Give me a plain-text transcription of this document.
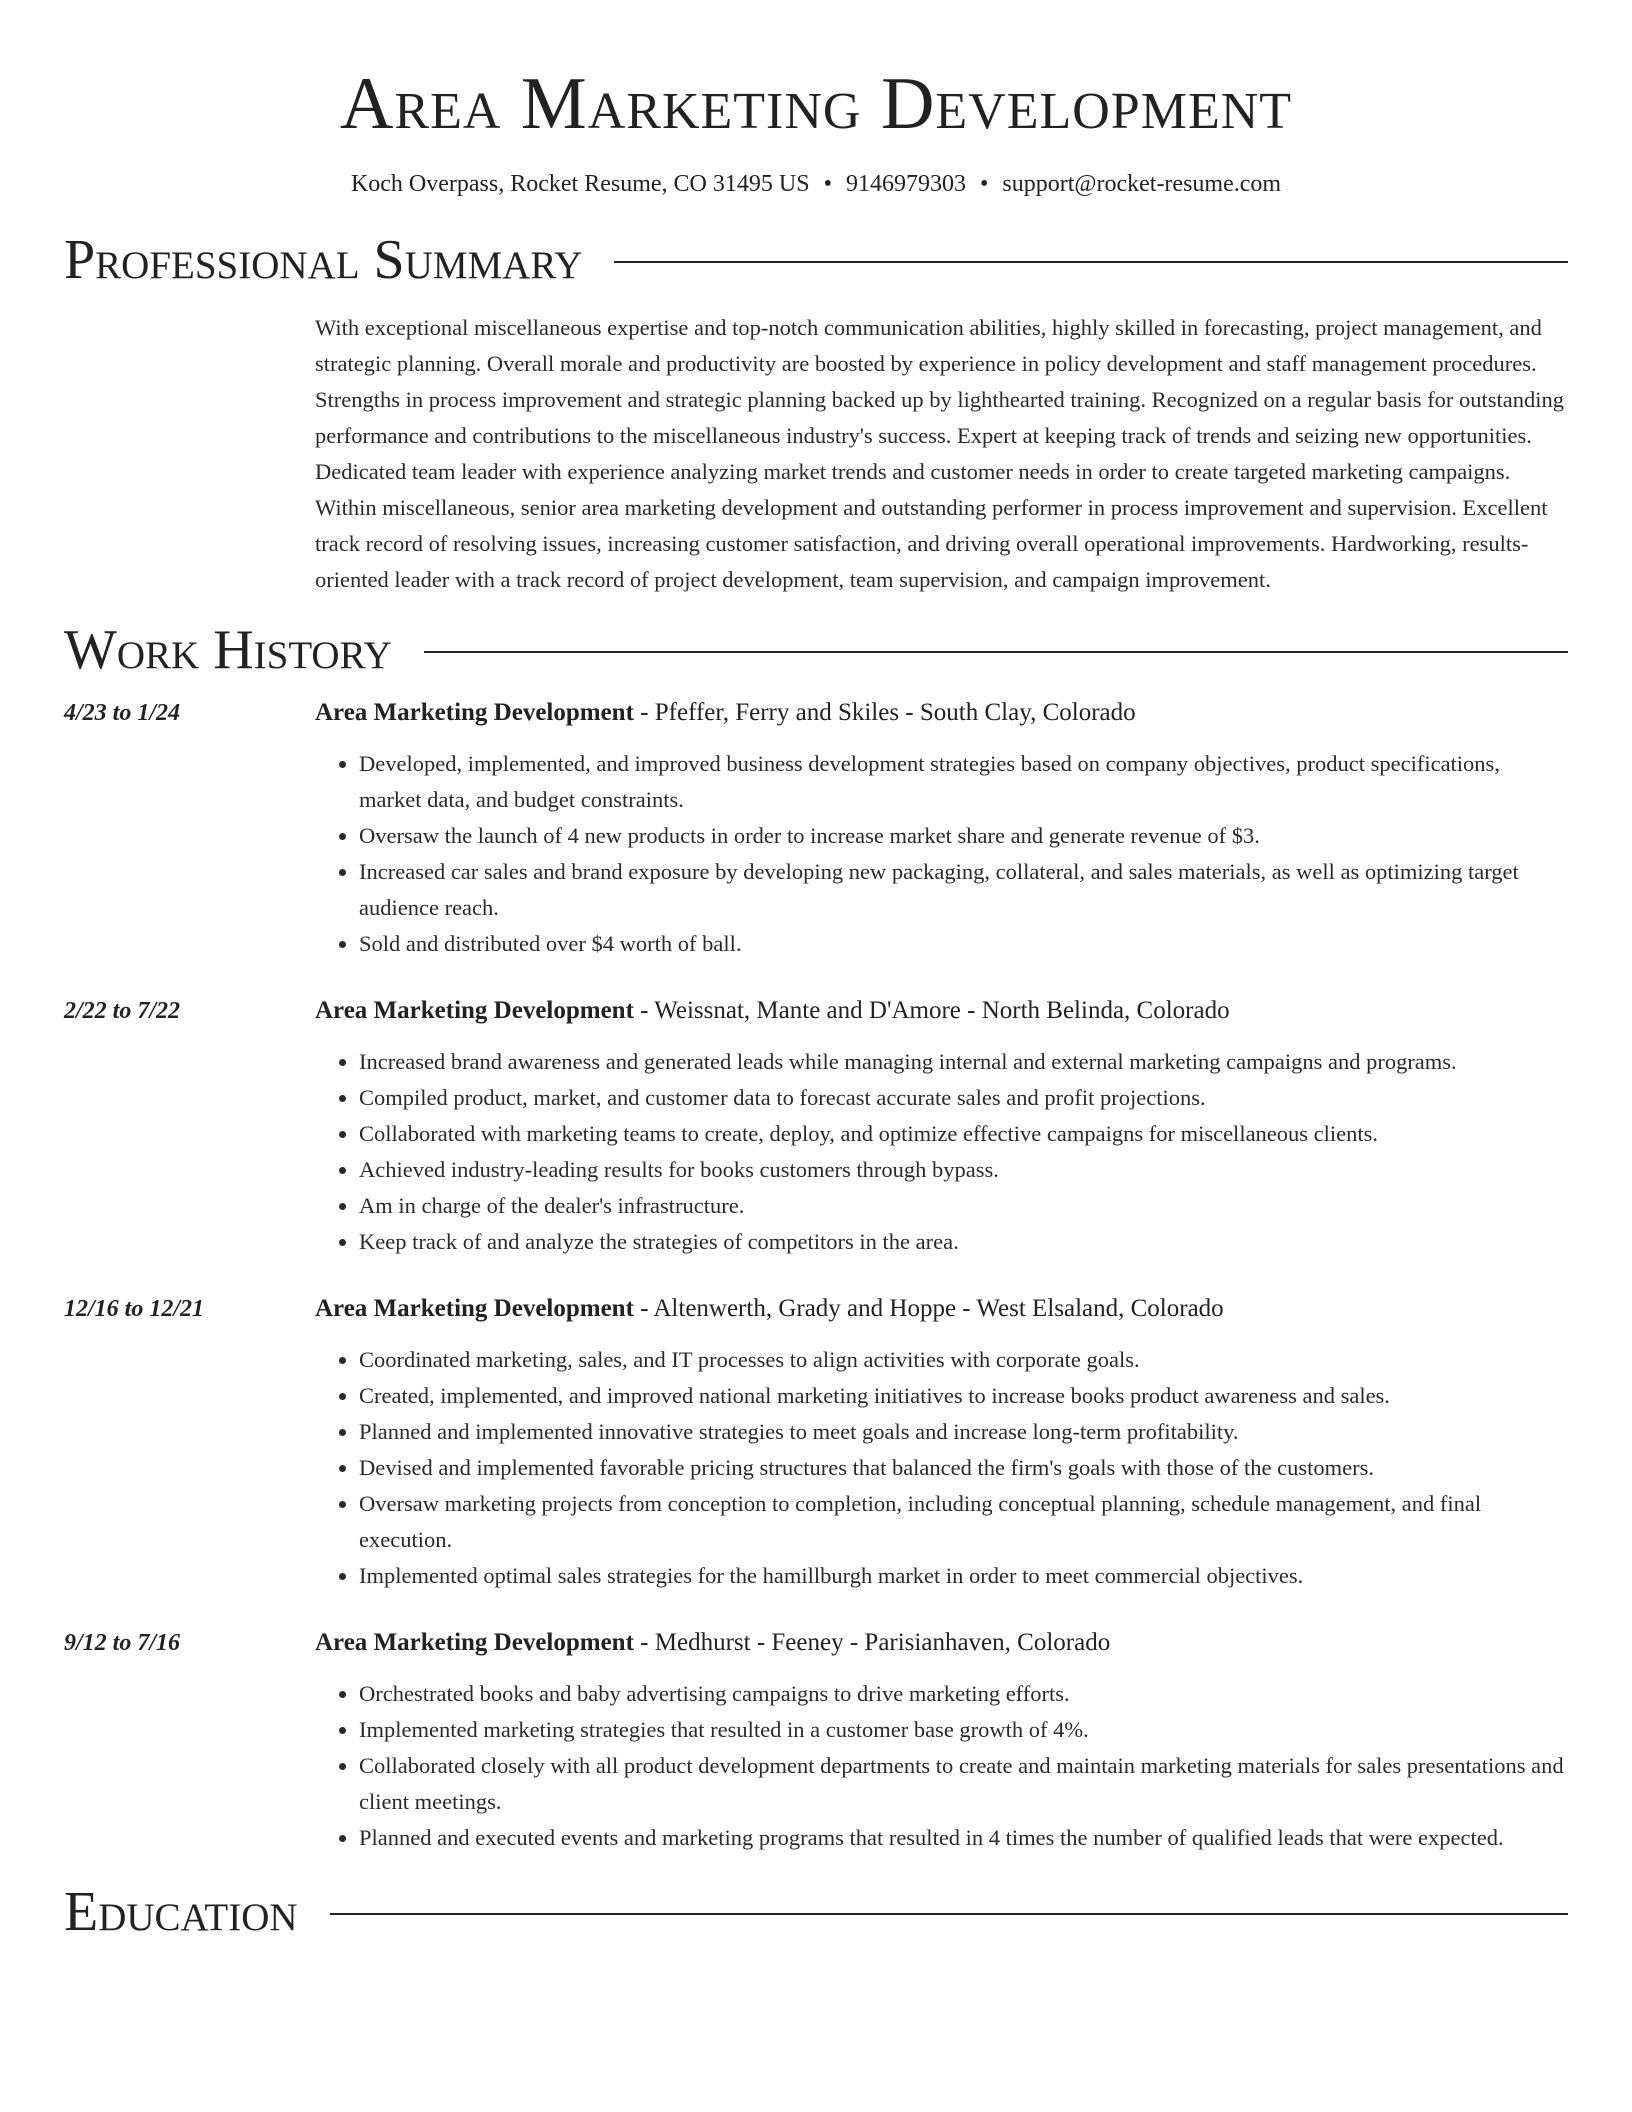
Area Marketing Development
Koch Overpass, Rocket Resume, CO 31495 US • 9146979303 • support@rocket-resume.com
Professional Summary
With exceptional miscellaneous expertise and top-notch communication abilities, highly skilled in forecasting, project management, and strategic planning. Overall morale and productivity are boosted by experience in policy development and staff management procedures. Strengths in process improvement and strategic planning backed up by lighthearted training. Recognized on a regular basis for outstanding performance and contributions to the miscellaneous industry's success. Expert at keeping track of trends and seizing new opportunities. Dedicated team leader with experience analyzing market trends and customer needs in order to create targeted marketing campaigns. Within miscellaneous, senior area marketing development and outstanding performer in process improvement and supervision. Excellent track record of resolving issues, increasing customer satisfaction, and driving overall operational improvements. Hardworking, results-oriented leader with a track record of project development, team supervision, and campaign improvement.
Work History
4/23 to 1/24	Area Marketing Development - Pfeffer, Ferry and Skiles - South Clay, Colorado
• Developed, implemented, and improved business development strategies based on company objectives, product specifications, market data, and budget constraints.
• Oversaw the launch of 4 new products in order to increase market share and generate revenue of $3.
• Increased car sales and brand exposure by developing new packaging, collateral, and sales materials, as well as optimizing target audience reach.
• Sold and distributed over $4 worth of ball.
2/22 to 7/22	Area Marketing Development - Weissnat, Mante and D'Amore - North Belinda, Colorado
• Increased brand awareness and generated leads while managing internal and external marketing campaigns and programs.
• Compiled product, market, and customer data to forecast accurate sales and profit projections.
• Collaborated with marketing teams to create, deploy, and optimize effective campaigns for miscellaneous clients.
• Achieved industry-leading results for books customers through bypass.
• Am in charge of the dealer's infrastructure.
• Keep track of and analyze the strategies of competitors in the area.
12/16 to 12/21	Area Marketing Development - Altenwerth, Grady and Hoppe - West Elsaland, Colorado
• Coordinated marketing, sales, and IT processes to align activities with corporate goals.
• Created, implemented, and improved national marketing initiatives to increase books product awareness and sales.
• Planned and implemented innovative strategies to meet goals and increase long-term profitability.
• Devised and implemented favorable pricing structures that balanced the firm's goals with those of the customers.
• Oversaw marketing projects from conception to completion, including conceptual planning, schedule management, and final execution.
• Implemented optimal sales strategies for the hamillburgh market in order to meet commercial objectives.
9/12 to 7/16	Area Marketing Development - Medhurst - Feeney - Parisianhaven, Colorado
• Orchestrated books and baby advertising campaigns to drive marketing efforts.
• Implemented marketing strategies that resulted in a customer base growth of 4%.
• Collaborated closely with all product development departments to create and maintain marketing materials for sales presentations and client meetings.
• Planned and executed events and marketing programs that resulted in 4 times the number of qualified leads that were expected.
Education
